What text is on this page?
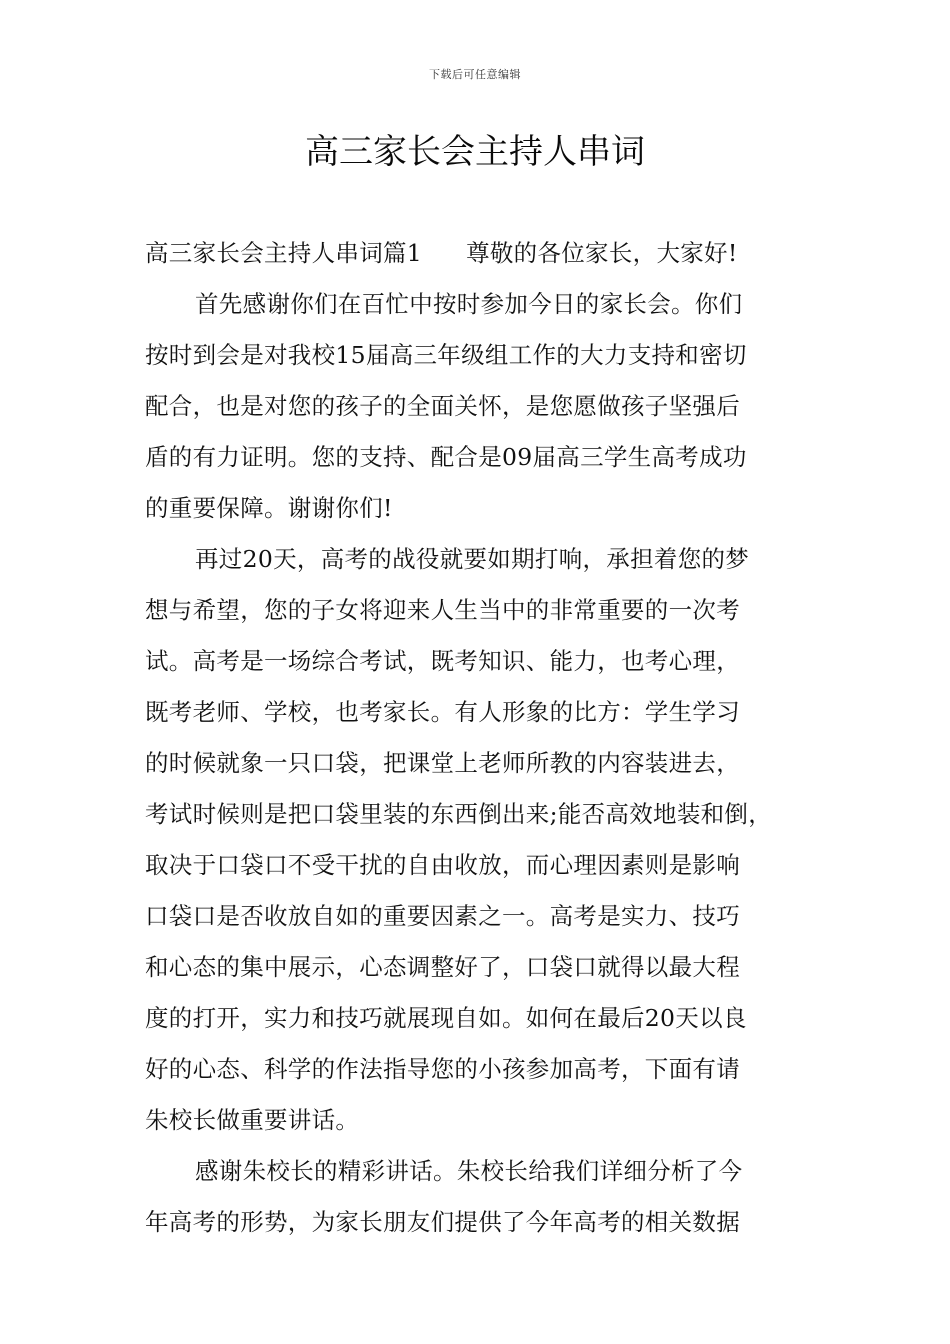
下载后可任意编辑
高三家长会主持人串词
高三家长会主持人串词篇1 尊敬的各位家长，大家好!
首先感谢你们在百忙中按时参加今日的家长会。你们
按时到会是对我校15届高三年级组工作的大力支持和密切
配合，也是对您的孩子的全面关怀，是您愿做孩子坚强后
盾的有力证明。您的支持、配合是09届高三学生高考成功
的重要保障。谢谢你们!
再过20天，高考的战役就要如期打响，承担着您的梦
想与希望，您的子女将迎来人生当中的非常重要的一次考
试。高考是一场综合考试，既考知识、能力，也考心理，
既考老师、学校，也考家长。有人形象的比方：学生学习
的时候就象一只口袋，把课堂上老师所教的内容装进去，
考试时候则是把口袋里装的东西倒出来;能否高效地装和倒，
取决于口袋口不受干扰的自由收放，而心理因素则是影响
口袋口是否收放自如的重要因素之一。高考是实力、技巧
和心态的集中展示，心态调整好了，口袋口就得以最大程
度的打开，实力和技巧就展现自如。如何在最后20天以良
好的心态、科学的作法指导您的小孩参加高考，下面有请
朱校长做重要讲话。
感谢朱校长的精彩讲话。朱校长给我们详细分析了今
年高考的形势，为家长朋友们提供了今年高考的相关数据
